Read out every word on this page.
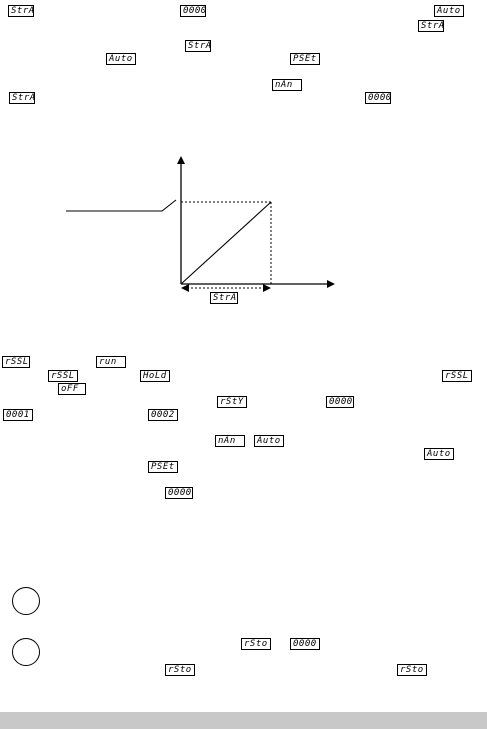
StrA	0000	Auto
StrA
StrA
Auto	PSEt
nAn
StrA	0000
StrA
rSSL	run
rSSL	HoLd	rSSL
oFF
rStY	0000
0001	0002
nAn	Auto
Auto
PSEt
0000
rSto	0000
rSto	rSto
